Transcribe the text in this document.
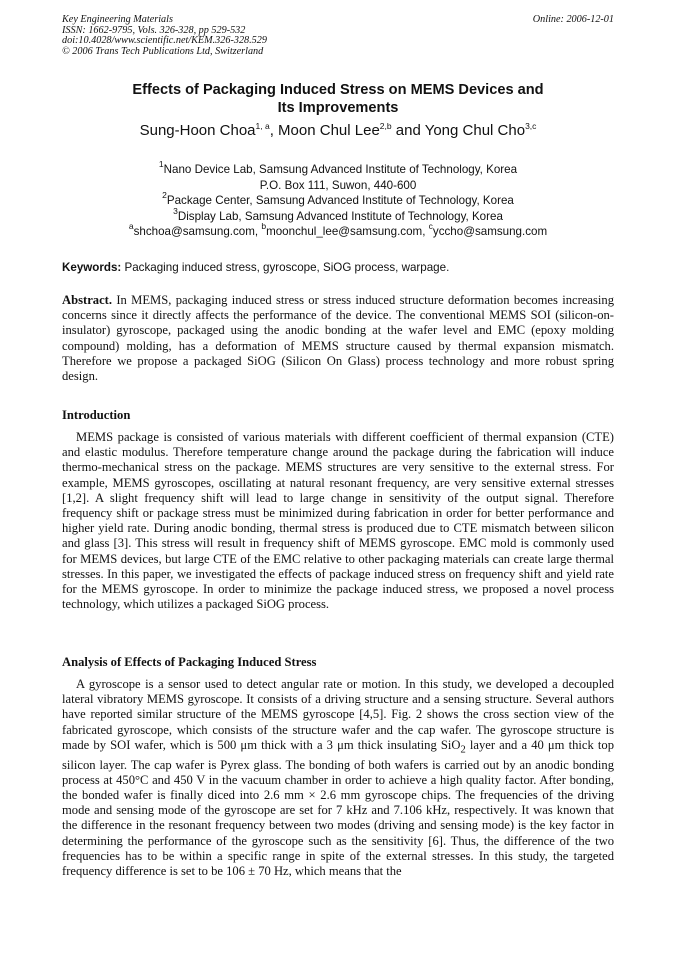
Key Engineering Materials
ISSN: 1662-9795, Vols. 326-328, pp 529-532
doi:10.4028/www.scientific.net/KEM.326-328.529
© 2006 Trans Tech Publications Ltd, Switzerland
Online: 2006-12-01
Effects of Packaging Induced Stress on MEMS Devices and
Its Improvements
Sung-Hoon Choa$^{1, a}$, Moon Chul Lee$^{2,b}$ and Yong Chul Cho$^{3,c}$
$^1$Nano Device Lab, Samsung Advanced Institute of Technology, Korea
P.O. Box 111, Suwon, 440-600
$^2$Package Center, Samsung Advanced Institute of Technology, Korea
$^3$Display Lab, Samsung Advanced Institute of Technology, Korea
$^a$shchoa@samsung.com, $^b$moonchul_lee@samsung.com, $^c$yccho@samsung.com
Keywords: Packaging induced stress, gyroscope, SiOG process, warpage.
Abstract. In MEMS, packaging induced stress or stress induced structure deformation becomes increasing concerns since it directly affects the performance of the device. The conventional MEMS SOI (silicon-on-insulator) gyroscope, packaged using the anodic bonding at the wafer level and EMC (epoxy molding compound) molding, has a deformation of MEMS structure caused by thermal expansion mismatch. Therefore we propose a packaged SiOG (Silicon On Glass) process technology and more robust spring design.
Introduction
MEMS package is consisted of various materials with different coefficient of thermal expansion (CTE) and elastic modulus. Therefore temperature change around the package during the fabrication will induce thermo-mechanical stress on the package. MEMS structures are very sensitive to the external stress. For example, MEMS gyroscopes, oscillating at natural resonant frequency, are very sensitive external stresses [1,2]. A slight frequency shift will lead to large change in sensitivity of the output signal. Therefore frequency shift or package stress must be minimized during fabrication in order for better performance and higher yield rate. During anodic bonding, thermal stress is produced due to CTE mismatch between silicon and glass [3]. This stress will result in frequency shift of MEMS gyroscope. EMC mold is commonly used for MEMS devices, but large CTE of the EMC relative to other packaging materials can create large thermal stresses. In this paper, we investigated the effects of package induced stress on frequency shift and yield rate for the MEMS gyroscope. In order to minimize the package induced stress, we proposed a novel process technology, which utilizes a packaged SiOG process.
Analysis of Effects of Packaging Induced Stress
A gyroscope is a sensor used to detect angular rate or motion. In this study, we developed a decoupled lateral vibratory MEMS gyroscope. It consists of a driving structure and a sensing structure. Several authors have reported similar structure of the MEMS gyroscope [4,5]. Fig. 2 shows the cross section view of the fabricated gyroscope, which consists of the structure wafer and the cap wafer. The gyroscope structure is made by SOI wafer, which is 500 μm thick with a 3 μm thick insulating SiO$_2$ layer and a 40 μm thick top silicon layer. The cap wafer is Pyrex glass. The bonding of both wafers is carried out by an anodic bonding process at 450°C and 450 V in the vacuum chamber in order to achieve a high quality factor. After bonding, the bonded wafer is finally diced into 2.6 mm × 2.6 mm gyroscope chips. The frequencies of the driving mode and sensing mode of the gyroscope are set for 7 kHz and 7.106 kHz, respectively. It was known that the difference in the resonant frequency between two modes (driving and sensing mode) is the key factor in determining the performance of the gyroscope such as the sensitivity [6]. Thus, the difference of the two frequencies has to be within a specific range in spite of the external stresses. In this study, the targeted frequency difference is set to be 106 ± 70 Hz, which means that the
